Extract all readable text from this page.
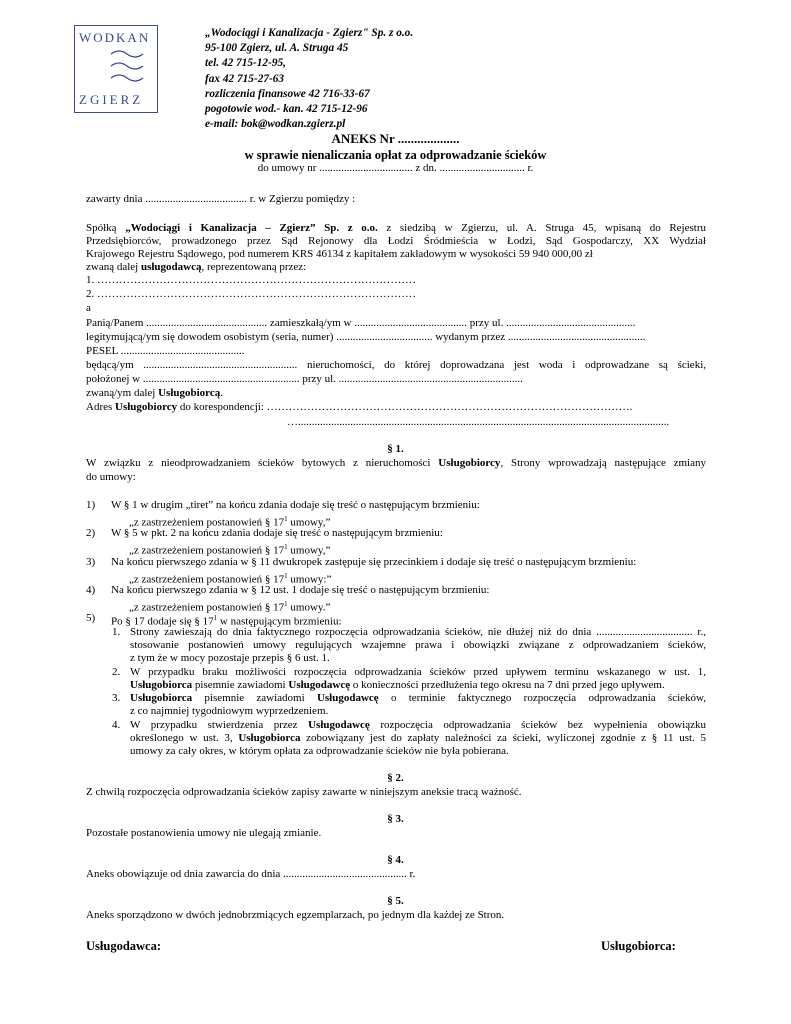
WODKAN
ZGIERZ
„Wodociągi i Kanalizacja - Zgierz" Sp. z o.o.
95-100 Zgierz, ul. A. Struga 45
tel. 42 715-12-95,
fax 42 715-27-63
rozliczenia finansowe 42 716-33-67
pogotowie wod.- kan. 42 715-12-96
e-mail: bok@wodkan.zgierz.pl
ANEKS Nr ...................
w sprawie nienaliczania opłat za odprowadzanie ścieków
do umowy nr .................................. z dn. ............................... r.
zawarty dnia ..................................... r. w Zgierzu pomiędzy :
Spółką „Wodociągi i Kanalizacja – Zgierz” Sp. z o.o. z siedzibą w Zgierzu, ul. A. Struga 45, wpisaną do Rejestru
Przedsiębiorców, prowadzonego przez Sąd Rejonowy dla Łodzi Śródmieścia w Łodzi, Sąd Gospodarczy, XX Wydział
Krajowego Rejestru Sądowego, pod numerem KRS 46134 z kapitałem zakładowym w wysokości 59 940 000,00 zł
zwaną dalej usługodawcą, reprezentowaną przez:
1. ……………………………………………………………………………
2. ……………………………………………………………………………
a
Panią/Panem ............................................ zamieszkałą/ym w ......................................... przy ul. ...............................................
legitymującą/ym się dowodem osobistym (seria, numer) ................................... wydanym przez ..................................................
PESEL .............................................
będącą/ym ........................................................ nieruchomości, do której doprowadzana jest woda i odprowadzane są ścieki,
położonej w ......................................................... przy ul. ...................................................................
zwaną/ym dalej Usługobiorcą.
Adres Usługobiorcy do korespondencji: ……………………………………………………………………………………….
….......................................................................................................................................
§ 1.
W związku z nieodprowadzaniem ścieków bytowych z nieruchomości Usługobiorcy, Strony wprowadzają następujące zmiany
do umowy:
1) W § 1 w drugim „tiret” na końcu zdania dodaje się treść o następującym brzmieniu:
„z zastrzeżeniem postanowień § $17^1$ umowy,”
2) W § 5 w pkt. 2 na końcu zdania dodaje się treść o następującym brzmieniu:
„z zastrzeżeniem postanowień § $17^1$ umowy,”
3) Na końcu pierwszego zdania w § 11 dwukropek zastępuje się przecinkiem i dodaje się treść o następującym brzmieniu:
„z zastrzeżeniem postanowień § $17^1$ umowy:”
4) Na końcu pierwszego zdania w § 12 ust. 1 dodaje się treść o następującym brzmieniu:
„z zastrzeżeniem postanowień § $17^1$ umowy.”
5) Po § 17 dodaje się § $17^1$ w następującym brzmieniu:
1. Strony zawieszają do dnia faktycznego rozpoczęcia odprowadzania ścieków, nie dłużej niż do dnia ................................... r.,
stosowanie postanowień umowy regulujących wzajemne prawa i obowiązki związane z odprowadzaniem ścieków,
z tym że w mocy pozostaje przepis § 6 ust. 1.
2. W przypadku braku możliwości rozpoczęcia odprowadzania ścieków przed upływem terminu wskazanego w ust. 1,
Usługobiorca pisemnie zawiadomi Usługodawcę o konieczności przedłużenia tego okresu na 7 dni przed jego upływem.
3. Usługobiorca pisemnie zawiadomi Usługodawcę o terminie faktycznego rozpoczęcia odprowadzania ścieków,
z co najmniej tygodniowym wyprzedzeniem.
4. W przypadku stwierdzenia przez Usługodawcę rozpoczęcia odprowadzania ścieków bez wypełnienia obowiązku
określonego w ust. 3, Usługobiorca zobowiązany jest do zapłaty należności za ścieki, wyliczonej zgodnie z § 11 ust. 5
umowy za cały okres, w którym opłata za odprowadzanie ścieków nie była pobierana.
§ 2.
Z chwilą rozpoczęcia odprowadzania ścieków zapisy zawarte w niniejszym aneksie tracą ważność.
§ 3.
Pozostałe postanowienia umowy nie ulegają zmianie.
§ 4.
Aneks obowiązuje od dnia zawarcia do dnia ............................................. r.
§ 5.
Aneks sporządzono w dwóch jednobrzmiących egzemplarzach, po jednym dla każdej ze Stron.
Usługodawca:	Usługobiorca:
